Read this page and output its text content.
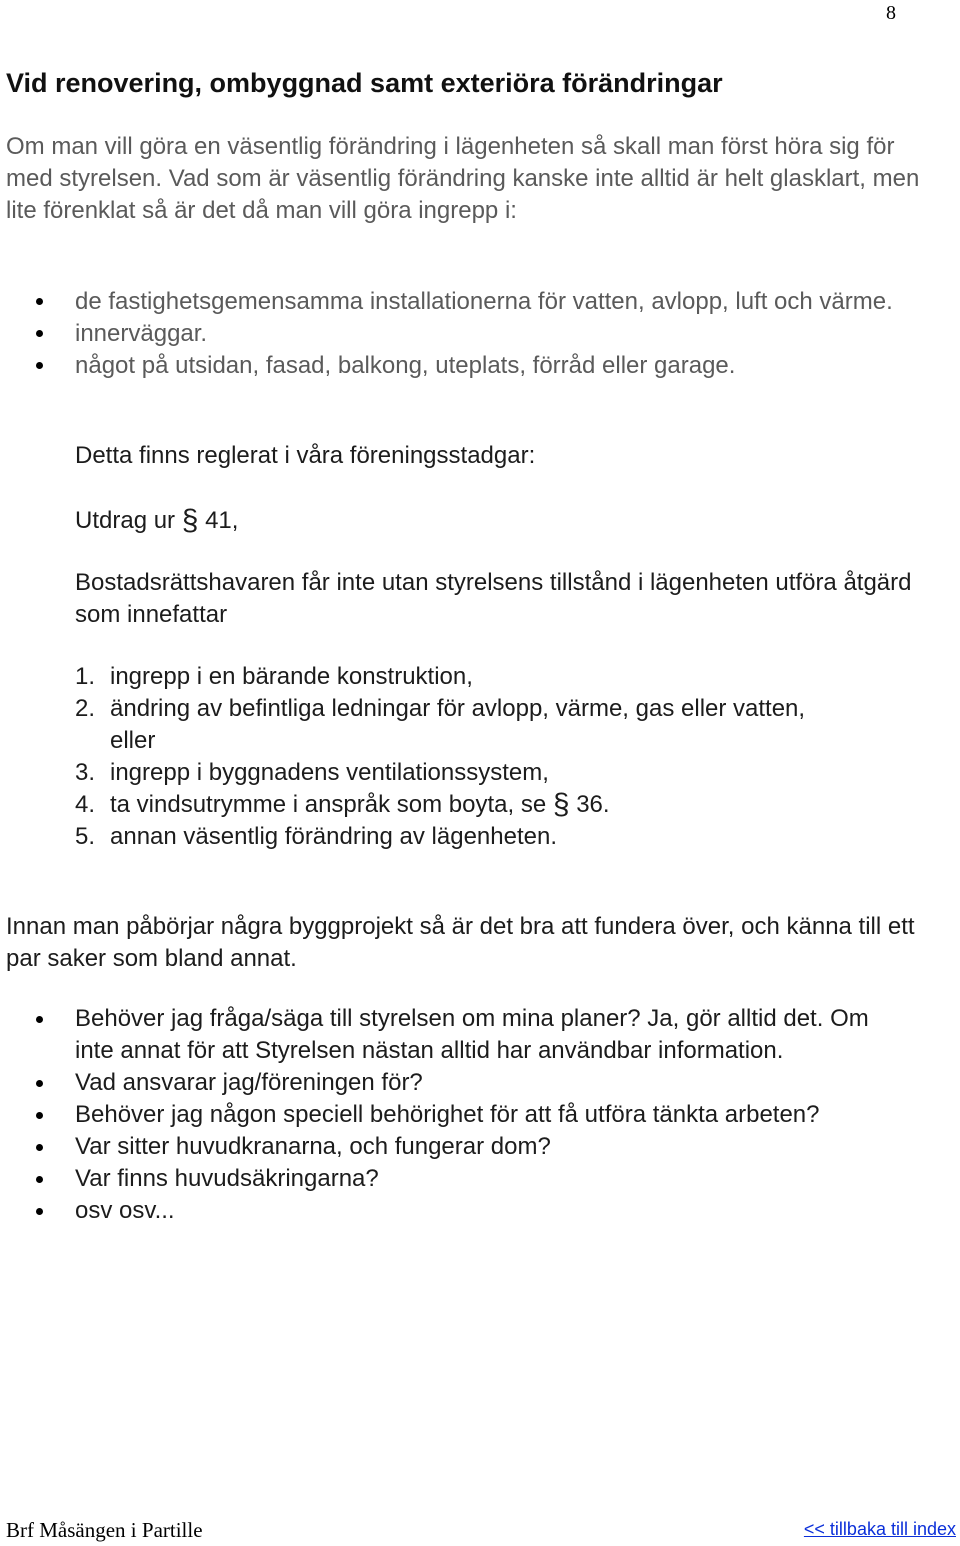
8
Vid renovering, ombyggnad samt exteriöra förändringar

Om man vill göra en väsentlig förändring i lägenheten så skall man först höra sig för med styrelsen. Vad som är väsentlig förändring kanske inte alltid är helt glasklart, men lite förenklat så är det då man vill göra ingrepp i:

de fastighetsgemensamma installationerna för vatten, avlopp, luft och värme.
innerväggar.
något på utsidan, fasad, balkong, uteplats, förråd eller garage.

Detta finns reglerat i våra föreningsstadgar:

Utdrag ur § 41,

Bostadsrättshavaren får inte utan styrelsens tillstånd i lägenheten utföra åtgärd som innefattar

1. ingrepp i en bärande konstruktion,
2. ändring av befintliga ledningar för avlopp, värme, gas eller vatten, eller
3. ingrepp i byggnadens ventilationssystem,
4. ta vindsutrymme i anspråk som boyta, se § 36.
5. annan väsentlig förändring av lägenheten.

Innan man påbörjar några byggprojekt så är det bra att fundera över, och känna till ett par saker som bland annat.

Behöver jag fråga/säga till styrelsen om mina planer? Ja, gör alltid det. Om inte annat för att Styrelsen nästan alltid har användbar information.
Vad ansvarar jag/föreningen för?
Behöver jag någon speciell behörighet för att få utföra tänkta arbeten?
Var sitter huvudkranarna, och fungerar dom?
Var finns huvudsäkringarna?
osv osv...
Brf Måsängen i Partille	<< tillbaka till index
